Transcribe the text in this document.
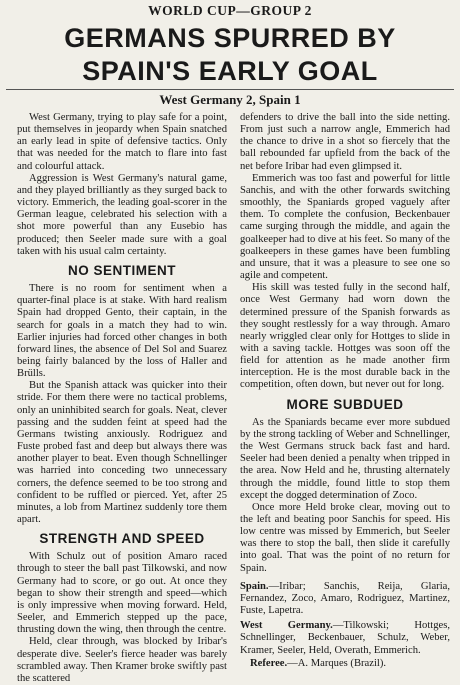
WORLD CUP—GROUP 2
GERMANS SPURRED BY
SPAIN'S EARLY GOAL
West Germany 2, Spain 1

West Germany, trying to play safe for a point, put themselves in jeopardy when Spain snatched an early lead in spite of defensive tactics. Only that was needed for the match to flare into fast and colourful attack.

Aggression is West Germany's natural game, and they played brilliantly as they surged back to victory. Emmerich, the leading goal-scorer in the German league, celebrated his selection with a shot more powerful than any Eusebio has produced; then Seeler made sure with a goal taken with his usual calm certainty.

NO SENTIMENT

There is no room for sentiment when a quarter-final place is at stake. With hard realism Spain had dropped Gento, their captain, in the search for goals in a match they had to win. Earlier injuries had forced other changes in both forward lines, the absence of Del Sol and Suarez being fairly balanced by the loss of Haller and Brülls.

But the Spanish attack was quicker into their stride. For them there were no tactical problems, only an uninhibited search for goals. Neat, clever passing and the sudden feint at speed had the Germans twisting anxiously. Rodriguez and Fuste probed fast and deep but always there was another player to beat. Even though Schnellinger was harried into conceding two unnecessary corners, the defence seemed to be too strong and confident to be ruffled or pierced. Yet, after 25 minutes, a lob from Martinez suddenly tore them apart.

STRENGTH AND SPEED

With Schulz out of position Amaro raced through to steer the ball past Tilkowski, and now Germany had to score, or go out. At once they began to show their strength and speed—which is only impressive when moving forward. Held, Seeler, and Emmerich stepped up the pace, thrusting down the wing, then through the centre.

Held, clear through, was blocked by Iribar's desperate dive. Seeler's fierce header was barely scrambled away. Then Kramer broke swiftly past the scattered

defenders to drive the ball into the side netting. From just such a narrow angle, Emmerich had the chance to drive in a shot so fiercely that the ball rebounded far upfield from the back of the net before Iribar had even glimpsed it.

Emmerich was too fast and powerful for little Sanchis, and with the other forwards switching smoothly, the Spaniards groped vaguely after them. To complete the confusion, Beckenbauer came surging through the middle, and again the goalkeeper had to dive at his feet. So many of the goalkeepers in these games have been fumbling and unsure, that it was a pleasure to see one so agile and competent.

His skill was tested fully in the second half, once West Germany had worn down the determined pressure of the Spanish forwards as they sought restlessly for a way through. Amaro nearly wriggled clear only for Hottges to slide in with a saving tackle. Hottges was soon off the field for attention as he made another firm interception. He is the most durable back in the competition, often down, but never out for long.

MORE SUBDUED

As the Spaniards became ever more subdued by the strong tackling of Weber and Schnellinger, the West Germans struck back fast and hard. Seeler had been denied a penalty when tripped in the area. Now Held and he, thrusting alternately through the middle, found little to stop them except the dogged determination of Zoco.

Once more Held broke clear, moving out to the left and beating poor Sanchis for speed. His low centre was missed by Emmerich, but Seeler was there to stop the ball, then slide it carefully into goal. That was the point of no return for Spain.

Spain.—Iribar; Sanchis, Reija, Glaria, Fernandez, Zoco, Amaro, Rodriguez, Martinez, Fuste, Lapetra.

West Germany.—Tilkowski; Hottges, Schnellinger, Beckenbauer, Schulz, Weber, Kramer, Seeler, Held, Overath, Emmerich.

Referee.—A. Marques (Brazil).
